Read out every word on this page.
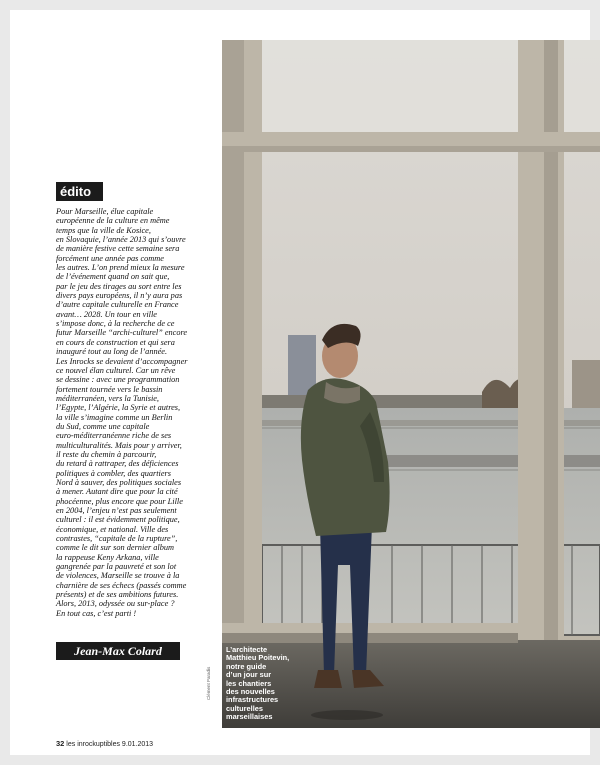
édito

Pour Marseille, élue capitale
européenne de la culture en même
temps que la ville de Kosice,
en Slovaquie, l’année 2013 qui s’ouvre
de manière festive cette semaine sera
forcément une année pas comme
les autres. L’on prend mieux la mesure
de l’événement quand on sait que,
par le jeu des tirages au sort entre les
divers pays européens, il n’y aura pas
d’autre capitale culturelle en France
avant… 2028. Un tour en ville
s’impose donc, à la recherche de ce
futur Marseille “archi-culturel” encore
en cours de construction et qui sera
inauguré tout au long de l’année.
Les Inrocks se devaient d’accompagner
ce nouvel élan culturel. Car un rêve
se dessine : avec une programmation
fortement tournée vers le bassin
méditerranéen, vers la Tunisie,
l’Egypte, l’Algérie, la Syrie et autres,
la ville s’imagine comme un Berlin
du Sud, comme une capitale
euro-méditerranéenne riche de ses
multiculturalités. Mais pour y arriver,
il reste du chemin à parcourir,
du retard à rattraper, des déficiences
politiques à combler, des quartiers
Nord à sauver, des politiques sociales
à mener. Autant dire que pour la cité
phocéenne, plus encore que pour Lille
en 2004, l’enjeu n’est pas seulement
culturel : il est évidemment politique,
économique, et national. Ville des
contrastes, “capitale de la rupture”,
comme le dit sur son dernier album
la rappeuse Keny Arkana, ville
gangrenée par la pauvreté et son lot
de violences, Marseille se trouve à la
charnière de ses échecs (passés comme
présents) et de ses ambitions futures.
Alors, 2013, odyssée ou sur-place ?
En tout cas, c’est parti !

Jean-Max Colard	L’architecte
Matthieu Poitevin,
notre guide
d’un jour sur
les chantiers
des nouvelles
infrastructures
culturelles
marseillaises
Clément Paradis
32 les inrockuptibles 9.01.2013
